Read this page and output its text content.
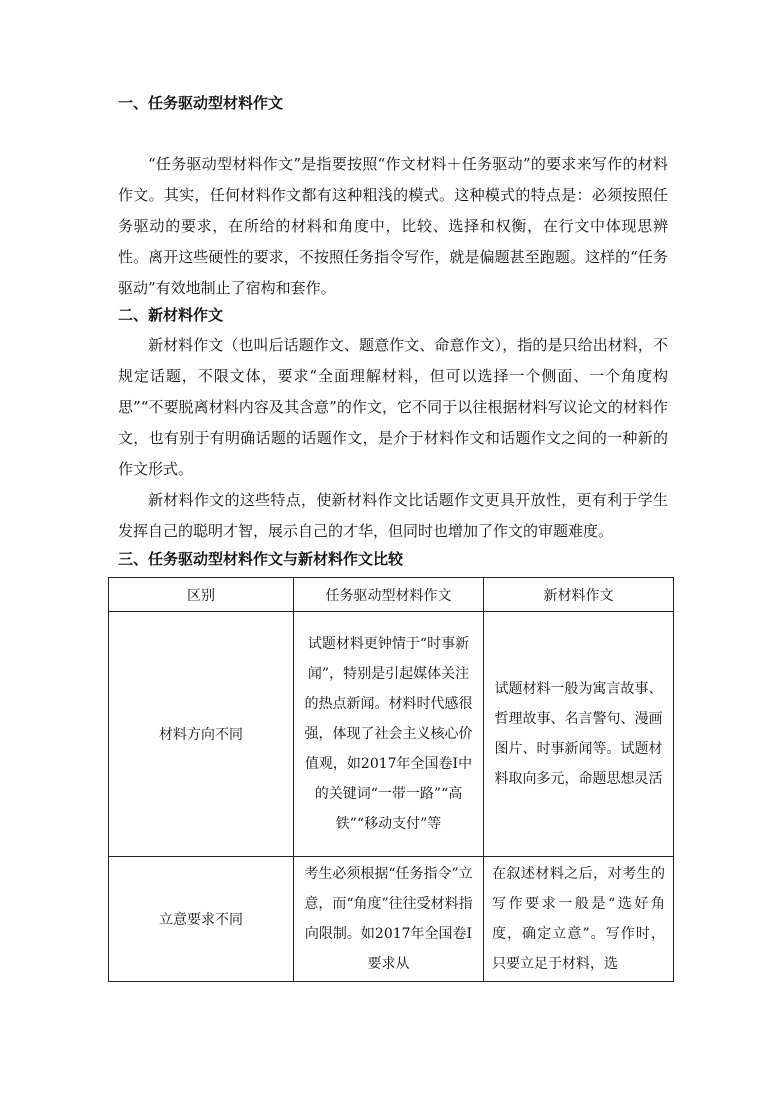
一、任务驱动型材料作文

“任务驱动型材料作文”是指要按照“作文材料＋任务驱动”的要求来写作的材料作文。其实，任何材料作文都有这种粗浅的模式。这种模式的特点是：必须按照任务驱动的要求，在所给的材料和角度中，比较、选择和权衡，在行文中体现思辨性。离开这些硬性的要求，不按照任务指令写作，就是偏题甚至跑题。这样的“任务驱动”有效地制止了宿构和套作。

二、新材料作文

新材料作文（也叫后话题作文、题意作文、命意作文），指的是只给出材料，不规定话题，不限文体，要求“全面理解材料，但可以选择一个侧面、一个角度构思”“不要脱离材料内容及其含意”的作文，它不同于以往根据材料写议论文的材料作文，也有别于有明确话题的话题作文，是介于材料作文和话题作文之间的一种新的作文形式。

新材料作文的这些特点，使新材料作文比话题作文更具开放性，更有利于学生发挥自己的聪明才智，展示自己的才华，但同时也增加了作文的审题难度。

三、任务驱动型材料作文与新材料作文比较
区别	任务驱动型材料作文	新材料作文
材料方向不同	试题材料更钟情于“时事新闻”，特别是引起媒体关注的热点新闻。材料时代感很强，体现了社会主义核心价值观，如2017年全国卷Ⅰ中的关键词“一带一路”“高铁”“移动支付”等	试题材料一般为寓言故事、哲理故事、名言警句、漫画图片、时事新闻等。试题材料取向多元，命题思想灵活
立意要求不同	考生必须根据“任务指令”立意，而“角度”往往受材料指向限制。如2017年全国卷Ⅰ要求从	在叙述材料之后，对考生的写作要求一般是“选好角度，确定立意”。写作时，只要立足于材料，选
